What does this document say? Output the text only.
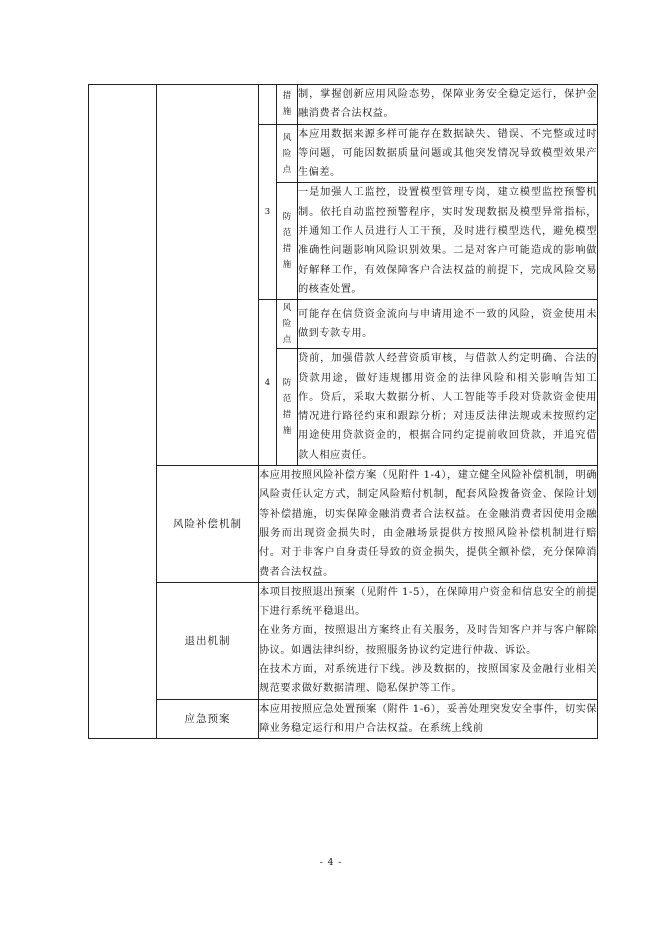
			措
施	制，掌握创新应用风险态势，保障业务安全稳定运行，保护金融消费者合法权益。
		3	风
险
点	本应用数据来源多样可能存在数据缺失、错误、不完整或过时等问题，可能因数据质量问题或其他突发情况导致模型效果产生偏差。
			防
范
措
施	一是加强人工监控，设置模型管理专岗，建立模型监控预警机制。依托自动监控预警程序，实时发现数据及模型异常指标，并通知工作人员进行人工干预，及时进行模型迭代，避免模型准确性问题影响风险识别效果。二是对客户可能造成的影响做好解释工作，有效保障客户合法权益的前提下，完成风险交易的核查处置。
		4	风
险
点	可能存在信贷资金流向与申请用途不一致的风险，资金使用未做到专款专用。
			防
范
措
施	贷前，加强借款人经营资质审核，与借款人约定明确、合法的贷款用途，做好违规挪用资金的法律风险和相关影响告知工作。贷后，采取大数据分析、人工智能等手段对贷款资金使用情况进行路径约束和跟踪分析；对违反法律法规或未按照约定用途使用贷款资金的，根据合同约定提前收回贷款，并追究借款人相应责任。
	风险补偿机制	本应用按照风险补偿方案（见附件 1-4），建立健全风险补偿机制，明确风险责任认定方式，制定风险赔付机制，配套风险拨备资金、保险计划等补偿措施，切实保障金融消费者合法权益。在金融消费者因使用金融服务而出现资金损失时，由金融场景提供方按照风险补偿机制进行赔付。对于非客户自身责任导致的资金损失，提供全额补偿，充分保障消费者合法权益。		
	退出机制	本项目按照退出预案（见附件 1-5），在保障用户资金和信息安全的前提下进行系统平稳退出。

在业务方面，按照退出方案终止有关服务，及时告知客户并与客户解除协议。如遇法律纠纷，按照服务协议约定进行仲裁、诉讼。

在技术方面，对系统进行下线。涉及数据的，按照国家及金融行业相关规范要求做好数据清理、隐私保护等工作。		

	应急预案	本应用按照应急处置预案（附件 1-6），妥善处理突发安全事件，切实保障业务稳定运行和用户合法权益。在系统上线前		
- 4 -
